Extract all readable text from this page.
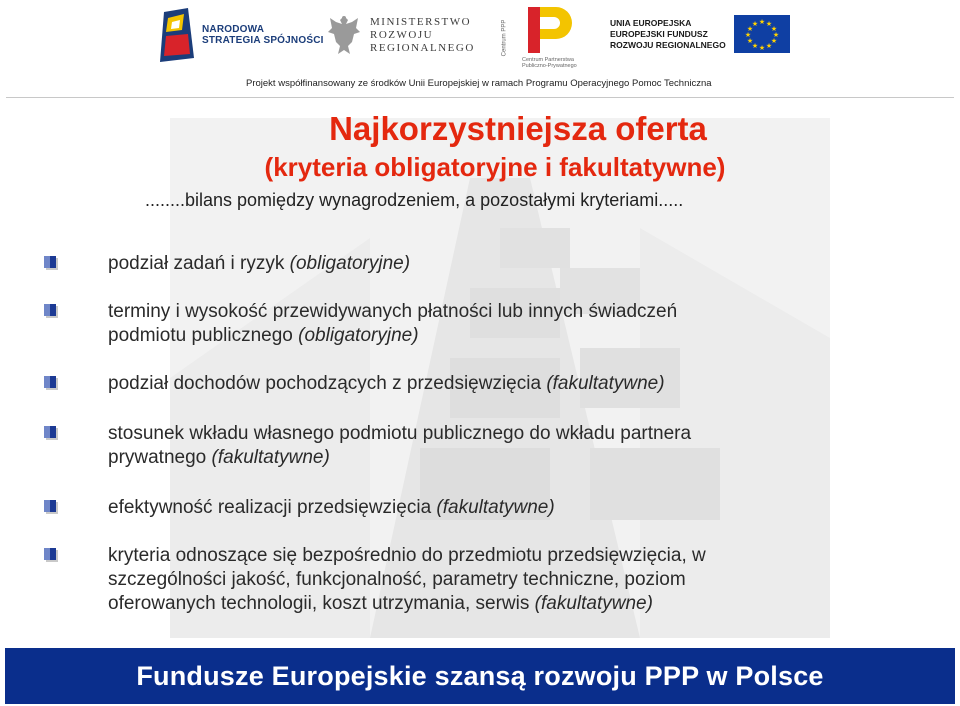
NARODOWA
STRATEGIA SPÓJNOŚCI
MINISTERSTWO
ROZWOJU
REGIONALNEGO	Centrum PPP
Centrum Partnerstwa
Publiczno-Prywatnego
UNIA EUROPEJSKA
EUROPEJSKI FUNDUSZ
ROZWOJU REGIONALNEGO
★ ★
★
★
★
★
★
★
★
★
★
★
Projekt współfinansowany ze środków Unii Europejskiej w ramach Programu Operacyjnego Pomoc Techniczna
Najkorzystniejsza oferta
(kryteria obligatoryjne i fakultatywne)
........bilans pomiędzy wynagrodzeniem, a pozostałymi kryteriami.....
podział zadań i ryzyk (obligatoryjne)
terminy i wysokość przewidywanych płatności lub innych świadczeń
podmiotu publicznego (obligatoryjne)
podział dochodów pochodzących z przedsięwzięcia (fakultatywne)
stosunek wkładu własnego podmiotu publicznego do wkładu partnera
prywatnego (fakultatywne)
efektywność realizacji przedsięwzięcia (fakultatywne)
kryteria odnoszące się bezpośrednio do przedmiotu przedsięwzięcia, w
szczególności jakość, funkcjonalność, parametry techniczne, poziom
oferowanych technologii, koszt utrzymania, serwis (fakultatywne)
Fundusze Europejskie szansą rozwoju PPP w Polsce
